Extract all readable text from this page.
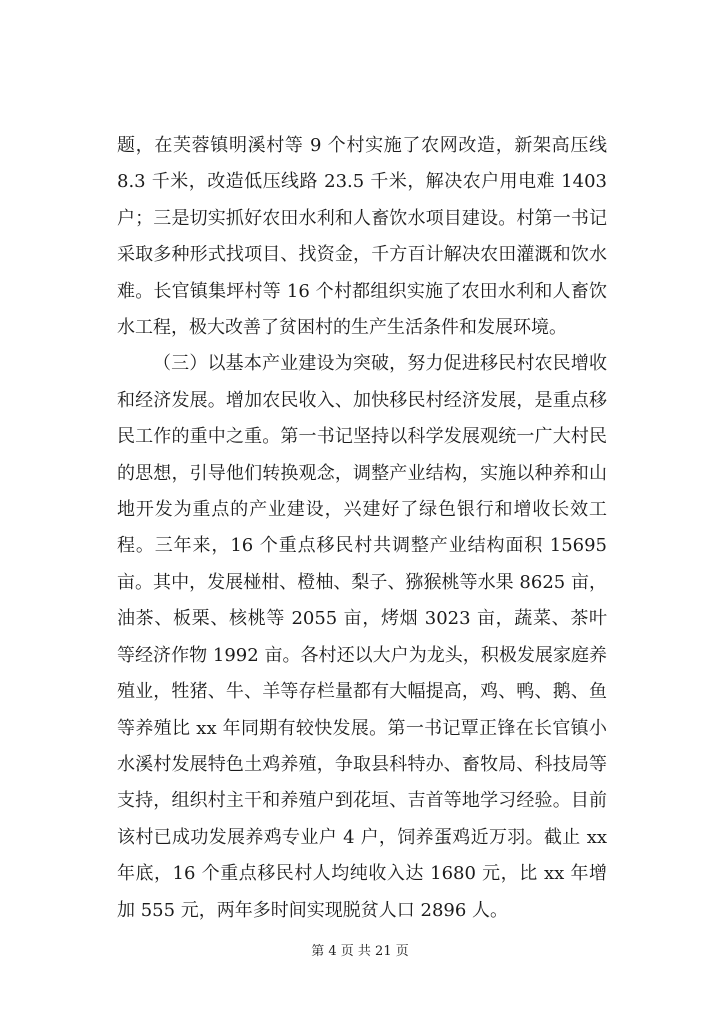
题，在芙蓉镇明溪村等 9 个村实施了农网改造，新架高压线 8.3 千米，改造低压线路 23.5 千米，解决农户用电难 1403 户；三是切实抓好农田水利和人畜饮水项目建设。村第一书记采取多种形式找项目、找资金，千方百计解决农田灌溉和饮水难。长官镇集坪村等 16 个村都组织实施了农田水利和人畜饮水工程，极大改善了贫困村的生产生活条件和发展环境。

（三）以基本产业建设为突破，努力促进移民村农民增收和经济发展。增加农民收入、加快移民村经济发展，是重点移民工作的重中之重。第一书记坚持以科学发展观统一广大村民的思想，引导他们转换观念，调整产业结构，实施以种养和山地开发为重点的产业建设，兴建好了绿色银行和增收长效工程。三年来，16 个重点移民村共调整产业结构面积 15695 亩。其中，发展椪柑、橙柚、梨子、猕猴桃等水果 8625 亩，油茶、板栗、核桃等 2055 亩，烤烟 3023 亩，蔬菜、茶叶等经济作物 1992 亩。各村还以大户为龙头，积极发展家庭养殖业，牲猪、牛、羊等存栏量都有大幅提高，鸡、鸭、鹅、鱼等养殖比 xx 年同期有较快发展。第一书记覃正锋在长官镇小水溪村发展特色土鸡养殖，争取县科特办、畜牧局、科技局等支持，组织村主干和养殖户到花垣、吉首等地学习经验。目前该村已成功发展养鸡专业户 4 户，饲养蛋鸡近万羽。截止 xx 年底，16 个重点移民村人均纯收入达 1680 元，比 xx 年增加 555 元，两年多时间实现脱贫人口 2896 人。

第 4 页 共 21 页
